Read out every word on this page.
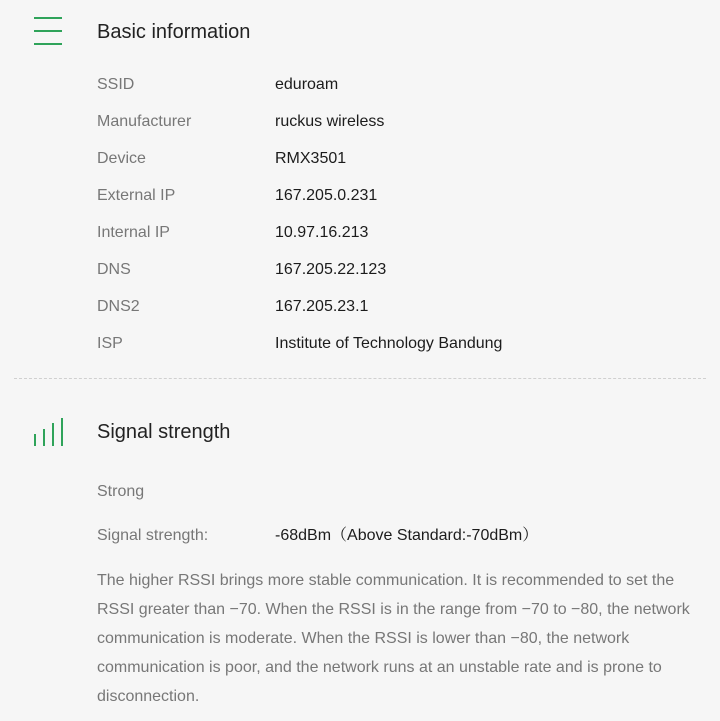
Basic information
SSID	eduroam
Manufacturer	ruckus wireless
Device	RMX3501
External IP	167.205.0.231
Internal IP	10.97.16.213
DNS	167.205.22.123
DNS2	167.205.23.1
ISP	Institute of Technology Bandung
Signal strength
Strong
Signal strength:	-68dBm（Above Standard:-70dBm）
The higher RSSI brings more stable communication. It is recommended to set the RSSI greater than −70. When the RSSI is in the range from −70 to −80, the network communication is moderate. When the RSSI is lower than −80, the network communication is poor, and the network runs at an unstable rate and is prone to disconnection.
